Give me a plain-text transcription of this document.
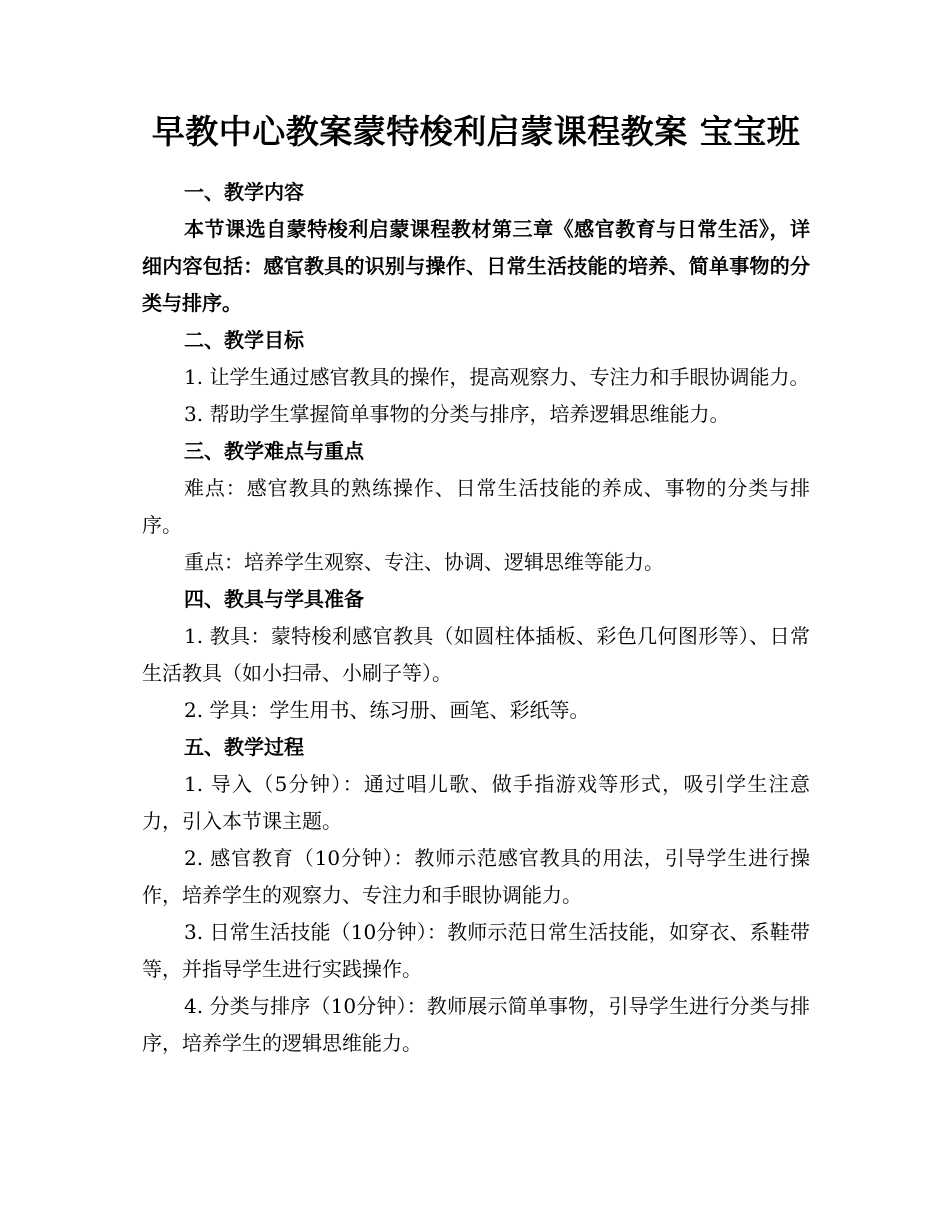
早教中心教案蒙特梭利启蒙课程教案 宝宝班
一、教学内容

本节课选自蒙特梭利启蒙课程教材第三章《感官教育与日常生活》，详细内容包括：感官教具的识别与操作、日常生活技能的培养、简单事物的分类与排序。

二、教学目标

1. 让学生通过感官教具的操作，提高观察力、专注力和手眼协调能力。

3. 帮助学生掌握简单事物的分类与排序，培养逻辑思维能力。

三、教学难点与重点

难点：感官教具的熟练操作、日常生活技能的养成、事物的分类与排序。

重点：培养学生观察、专注、协调、逻辑思维等能力。

四、教具与学具准备

1. 教具：蒙特梭利感官教具（如圆柱体插板、彩色几何图形等）、日常生活教具（如小扫帚、小刷子等）。

2. 学具：学生用书、练习册、画笔、彩纸等。

五、教学过程

1. 导入（5分钟）：通过唱儿歌、做手指游戏等形式，吸引学生注意力，引入本节课主题。

2. 感官教育（10分钟）：教师示范感官教具的用法，引导学生进行操作，培养学生的观察力、专注力和手眼协调能力。

3. 日常生活技能（10分钟）：教师示范日常生活技能，如穿衣、系鞋带等，并指导学生进行实践操作。

4. 分类与排序（10分钟）：教师展示简单事物，引导学生进行分类与排序，培养学生的逻辑思维能力。
